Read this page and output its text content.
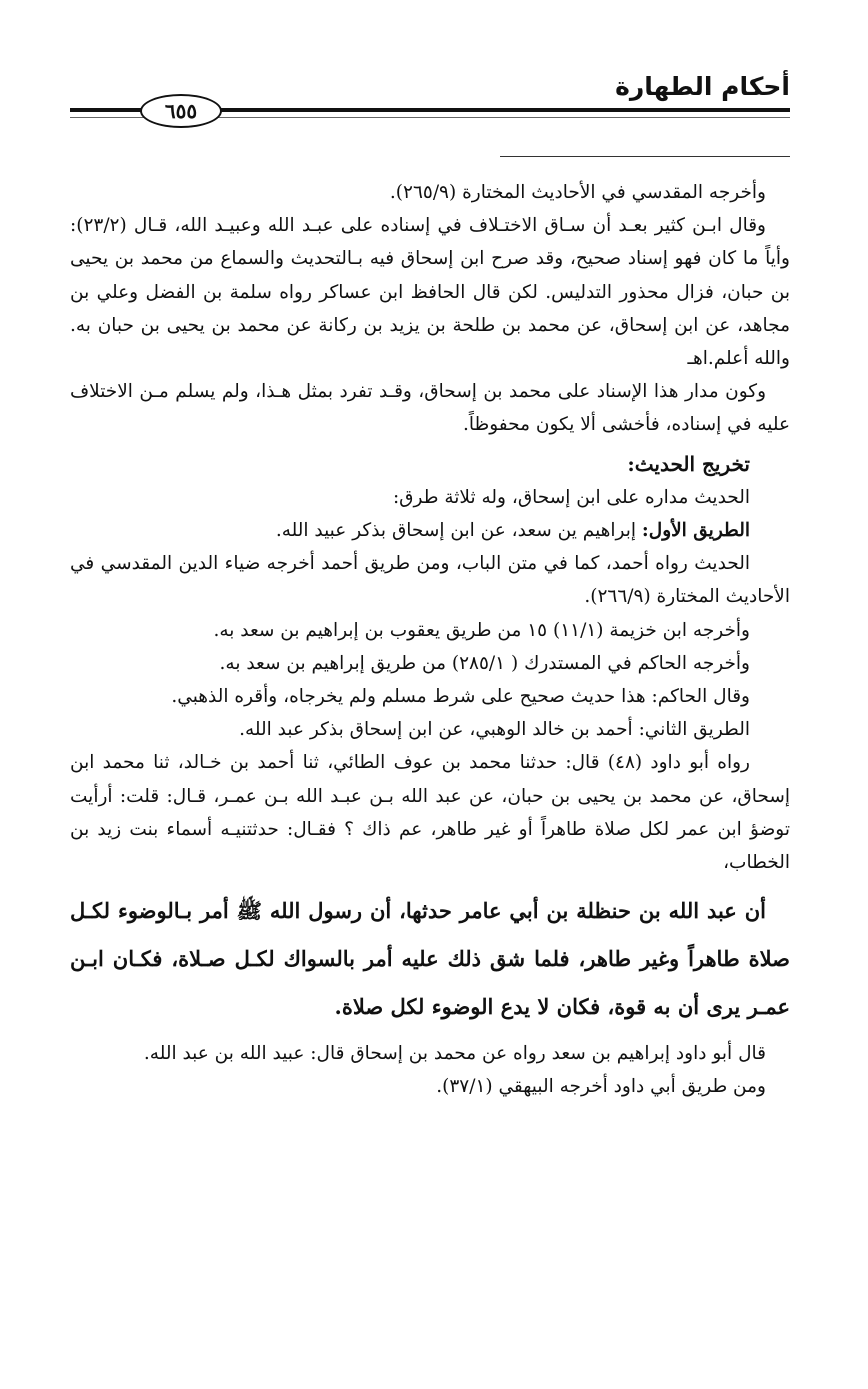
أحكام الطهارة
٦٥٥

وأخرجه المقدسي في الأحاديث المختارة (٢٦٥/٩).

وقال ابـن كثير بعـد أن سـاق الاختـلاف في إسناده على عبـد الله وعبيـد الله، قـال (٢٣/٢): وأياً ما كان فهو إسناد صحيح، وقد صرح ابن إسحاق فيه بـالتحديث والسماع من محمد بن يحيى بن حبان، فزال محذور التدليس. لكن قال الحافظ ابن عساكر رواه سلمة بن الفضل وعلي بن مجاهد، عن ابن إسحاق، عن محمد بن طلحة بن يزيد بن ركانة عن محمد بن يحيى بن حبان به. والله أعلم.اهـ

وكون مدار هذا الإسناد على محمد بن إسحاق، وقـد تفرد بمثل هـذا، ولم يسلم مـن الاختلاف عليه في إسناده، فأخشى ألا يكون محفوظاً.

تخريج الحديث:

الحديث مداره على ابن إسحاق، وله ثلاثة طرق:

الطريق الأول: إبراهيم ين سعد، عن ابن إسحاق بذكر عبيد الله.

الحديث رواه أحمد، كما في متن الباب، ومن طريق أحمد أخرجه ضياء الدين المقدسي في الأحاديث المختارة (٢٦٦/٩).

وأخرجه ابن خزيمة (١١/١) ١٥ من طريق يعقوب بن إبراهيم بن سعد به.

وأخرجه الحاكم في المستدرك ( ٢٨٥/١) من طريق إبراهيم بن سعد به.

وقال الحاكم: هذا حديث صحيح على شرط مسلم ولم يخرجاه، وأقره الذهبي.

الطريق الثاني: أحمد بن خالد الوهبي، عن ابن إسحاق بذكر عبد الله.

رواه أبو داود (٤٨) قال: حدثنا محمد بن عوف الطائي، ثنا أحمد بن خـالد، ثنا محمد ابن إسحاق، عن محمد بن يحيى بن حبان، عن عبد الله بـن عبـد الله بـن عمـر، قـال: قلت: أرأيت توضؤ ابن عمر لكل صلاة طاهراً أو غير طاهر، عم ذاك ؟ فقـال: حدثتنيـه أسماء بنت زيد بن الخطاب،

أن عبد الله بن حنظلة بن أبي عامر حدثها، أن رسول الله ﷺ أمر بـالوضوء لكـل صلاة طاهراً وغير طاهر، فلما شق ذلك عليه أمر بالسواك لكـل صـلاة، فكـان ابـن عمـر يرى أن به قوة، فكان لا يدع الوضوء لكل صلاة.

قال أبو داود إبراهيم بن سعد رواه عن محمد بن إسحاق قال: عبيد الله بن عبد الله.

ومن طريق أبي داود أخرجه البيهقي (٣٧/١).
